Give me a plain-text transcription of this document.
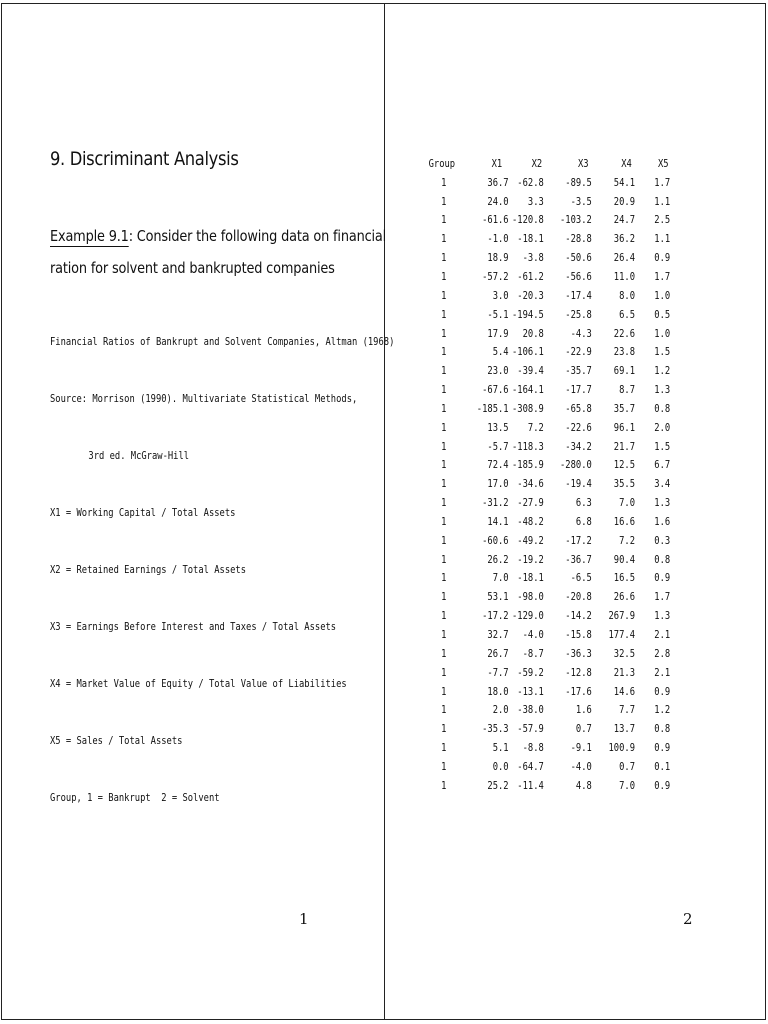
9. Discriminant Analysis
Example 9.1: Consider the following data on financial
ration for solvent and bankrupted companies

Financial Ratios of Bankrupt and Solvent Companies, Altman (1968)

Source: Morrison (1990). Multivariate Statistical Methods,

3rd ed. McGraw-Hill

X1 = Working Capital / Total Assets

X2 = Retained Earnings / Total Assets

X3 = Earnings Before Interest and Taxes / Total Assets

X4 = Market Value of Equity / Total Value of Liabilities

X5 = Sales / Total Assets

Group, 1 = Bankrupt  2 = Solvent

1
Group	X1	X2	X3	X4	X5
1	36.7	-62.8	-89.5	54.1	1.7
1	24.0	3.3	-3.5	20.9	1.1
1	-61.6	-120.8	-103.2	24.7	2.5
1	-1.0	-18.1	-28.8	36.2	1.1
1	18.9	-3.8	-50.6	26.4	0.9
1	-57.2	-61.2	-56.6	11.0	1.7
1	3.0	-20.3	-17.4	8.0	1.0
1	-5.1	-194.5	-25.8	6.5	0.5
1	17.9	20.8	-4.3	22.6	1.0
1	5.4	-106.1	-22.9	23.8	1.5
1	23.0	-39.4	-35.7	69.1	1.2
1	-67.6	-164.1	-17.7	8.7	1.3
1	-185.1	-308.9	-65.8	35.7	0.8
1	13.5	7.2	-22.6	96.1	2.0
1	-5.7	-118.3	-34.2	21.7	1.5
1	72.4	-185.9	-280.0	12.5	6.7
1	17.0	-34.6	-19.4	35.5	3.4
1	-31.2	-27.9	6.3	7.0	1.3
1	14.1	-48.2	6.8	16.6	1.6
1	-60.6	-49.2	-17.2	7.2	0.3
1	26.2	-19.2	-36.7	90.4	0.8
1	7.0	-18.1	-6.5	16.5	0.9
1	53.1	-98.0	-20.8	26.6	1.7
1	-17.2	-129.0	-14.2	267.9	1.3
1	32.7	-4.0	-15.8	177.4	2.1
1	26.7	-8.7	-36.3	32.5	2.8
1	-7.7	-59.2	-12.8	21.3	2.1
1	18.0	-13.1	-17.6	14.6	0.9
1	2.0	-38.0	1.6	7.7	1.2
1	-35.3	-57.9	0.7	13.7	0.8
1	5.1	-8.8	-9.1	100.9	0.9
1	0.0	-64.7	-4.0	0.7	0.1
1	25.2	-11.4	4.8	7.0	0.9
2
